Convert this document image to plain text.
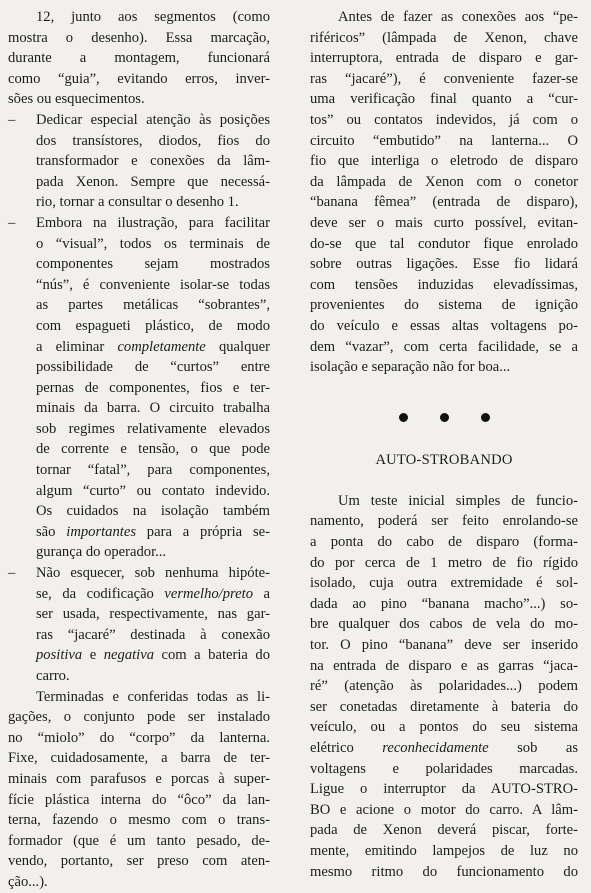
12, junto aos segmentos (como
mostra o desenho). Essa marcação,
durante a montagem, funcionará
como “guia”, evitando erros, inver-
sões ou esquecimentos.
– Dedicar especial atenção às posições
dos transístores, diodos, fios do
transformador e conexões da lâm-
pada Xenon. Sempre que necessá-
rio, tornar a consultar o desenho 1.
– Embora na ilustração, para facilitar
o “visual”, todos os terminais de
componentes sejam mostrados
“nús”, é conveniente isolar-se todas
as partes metálicas “sobrantes”,
com espagueti plástico, de modo
a eliminar completamente qualquer
possibilidade de “curtos” entre
pernas de componentes, fios e ter-
minais da barra. O circuito trabalha
sob regimes relativamente elevados
de corrente e tensão, o que pode
tornar “fatal”, para componentes,
algum “curto” ou contato indevido.
Os cuidados na isolação também
são importantes para a própria se-
gurança do operador...
– Não esquecer, sob nenhuma hipóte-
se, da codificação vermelho/preto a
ser usada, respectivamente, nas gar-
ras “jacaré” destinada à conexão
positiva e negativa com a bateria do
carro.
Terminadas e conferidas todas as li-
gações, o conjunto pode ser instalado
no “miolo” do “corpo” da lanterna.
Fixe, cuidadosamente, a barra de ter-
minais com parafusos e porcas à super-
fície plástica interna do “ôco” da lan-
terna, fazendo o mesmo com o trans-
formador (que é um tanto pesado, de-
vendo, portanto, ser preso com aten-
ção...).
Antes de fazer as conexões aos “pe-
riféricos” (lâmpada de Xenon, chave
interruptora, entrada de disparo e gar-
ras “jacaré”), é conveniente fazer-se
uma verificação final quanto a “cur-
tos” ou contatos indevidos, já com o
circuito “embutido” na lanterna... O
fio que interliga o eletrodo de disparo
da lâmpada de Xenon com o conetor
“banana fêmea” (entrada de disparo),
deve ser o mais curto possível, evitan-
do-se que tal condutor fique enrolado
sobre outras ligações. Esse fio lidará
com tensões induzidas elevadíssimas,
provenientes do sistema de ignição
do veículo e essas altas voltagens po-
dem “vazar”, com certa facilidade, se a
isolação e separação não for boa...
AUTO-STROBANDO
Um teste inicial simples de funcio-
namento, poderá ser feito enrolando-se
a ponta do cabo de disparo (forma-
do por cerca de 1 metro de fio rígido
isolado, cuja outra extremidade é sol-
dada ao pino “banana macho”...) so-
bre qualquer dos cabos de vela do mo-
tor. O pino “banana” deve ser inserido
na entrada de disparo e as garras “jaca-
ré” (atenção às polaridades...) podem
ser conetadas diretamente à bateria do
veículo, ou a pontos do seu sistema
elétrico reconhecidamente sob as
voltagens e polaridades marcadas.
Ligue o interruptor da AUTO-STRO-
BO e acione o motor do carro. A lâm-
pada de Xenon deverá piscar, forte-
mente, emitindo lampejos de luz no
mesmo ritmo do funcionamento do
